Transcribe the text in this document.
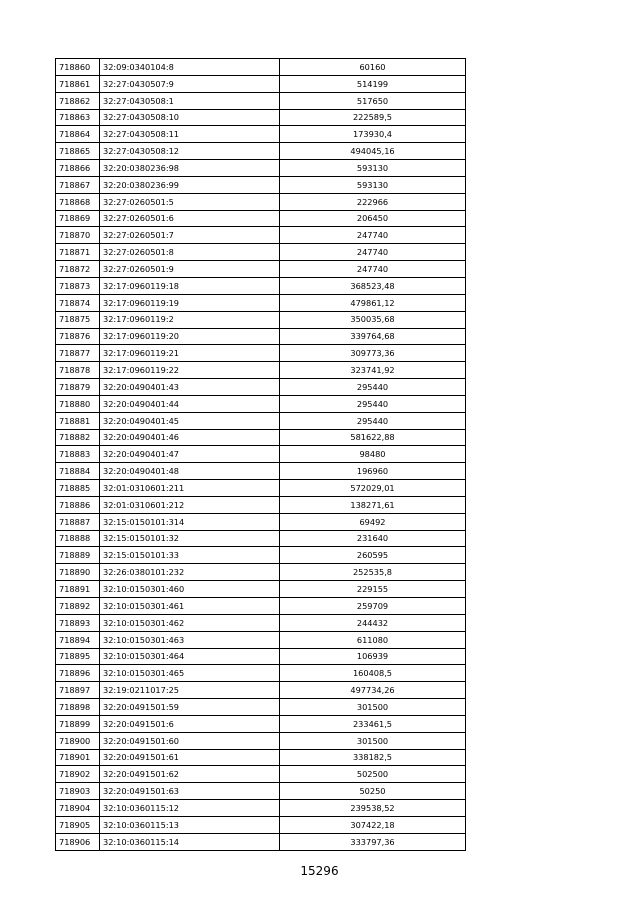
718860	32:09:0340104:8	60160
718861	32:27:0430507:9	514199
718862	32:27:0430508:1	517650
718863	32:27:0430508:10	222589,5
718864	32:27:0430508:11	173930,4
718865	32:27:0430508:12	494045,16
718866	32:20:0380236:98	593130
718867	32:20:0380236:99	593130
718868	32:27:0260501:5	222966
718869	32:27:0260501:6	206450
718870	32:27:0260501:7	247740
718871	32:27:0260501:8	247740
718872	32:27:0260501:9	247740
718873	32:17:0960119:18	368523,48
718874	32:17:0960119:19	479861,12
718875	32:17:0960119:2	350035,68
718876	32:17:0960119:20	339764,68
718877	32:17:0960119:21	309773,36
718878	32:17:0960119:22	323741,92
718879	32:20:0490401:43	295440
718880	32:20:0490401:44	295440
718881	32:20:0490401:45	295440
718882	32:20:0490401:46	581622,88
718883	32:20:0490401:47	98480
718884	32:20:0490401:48	196960
718885	32:01:0310601:211	572029,01
718886	32:01:0310601:212	138271,61
718887	32:15:0150101:314	69492
718888	32:15:0150101:32	231640
718889	32:15:0150101:33	260595
718890	32:26:0380101:232	252535,8
718891	32:10:0150301:460	229155
718892	32:10:0150301:461	259709
718893	32:10:0150301:462	244432
718894	32:10:0150301:463	611080
718895	32:10:0150301:464	106939
718896	32:10:0150301:465	160408,5
718897	32:19:0211017:25	497734,26
718898	32:20:0491501:59	301500
718899	32:20:0491501:6	233461,5
718900	32:20:0491501:60	301500
718901	32:20:0491501:61	338182,5
718902	32:20:0491501:62	502500
718903	32:20:0491501:63	50250
718904	32:10:0360115:12	239538,52
718905	32:10:0360115:13	307422,18
718906	32:10:0360115:14	333797,36
15296
